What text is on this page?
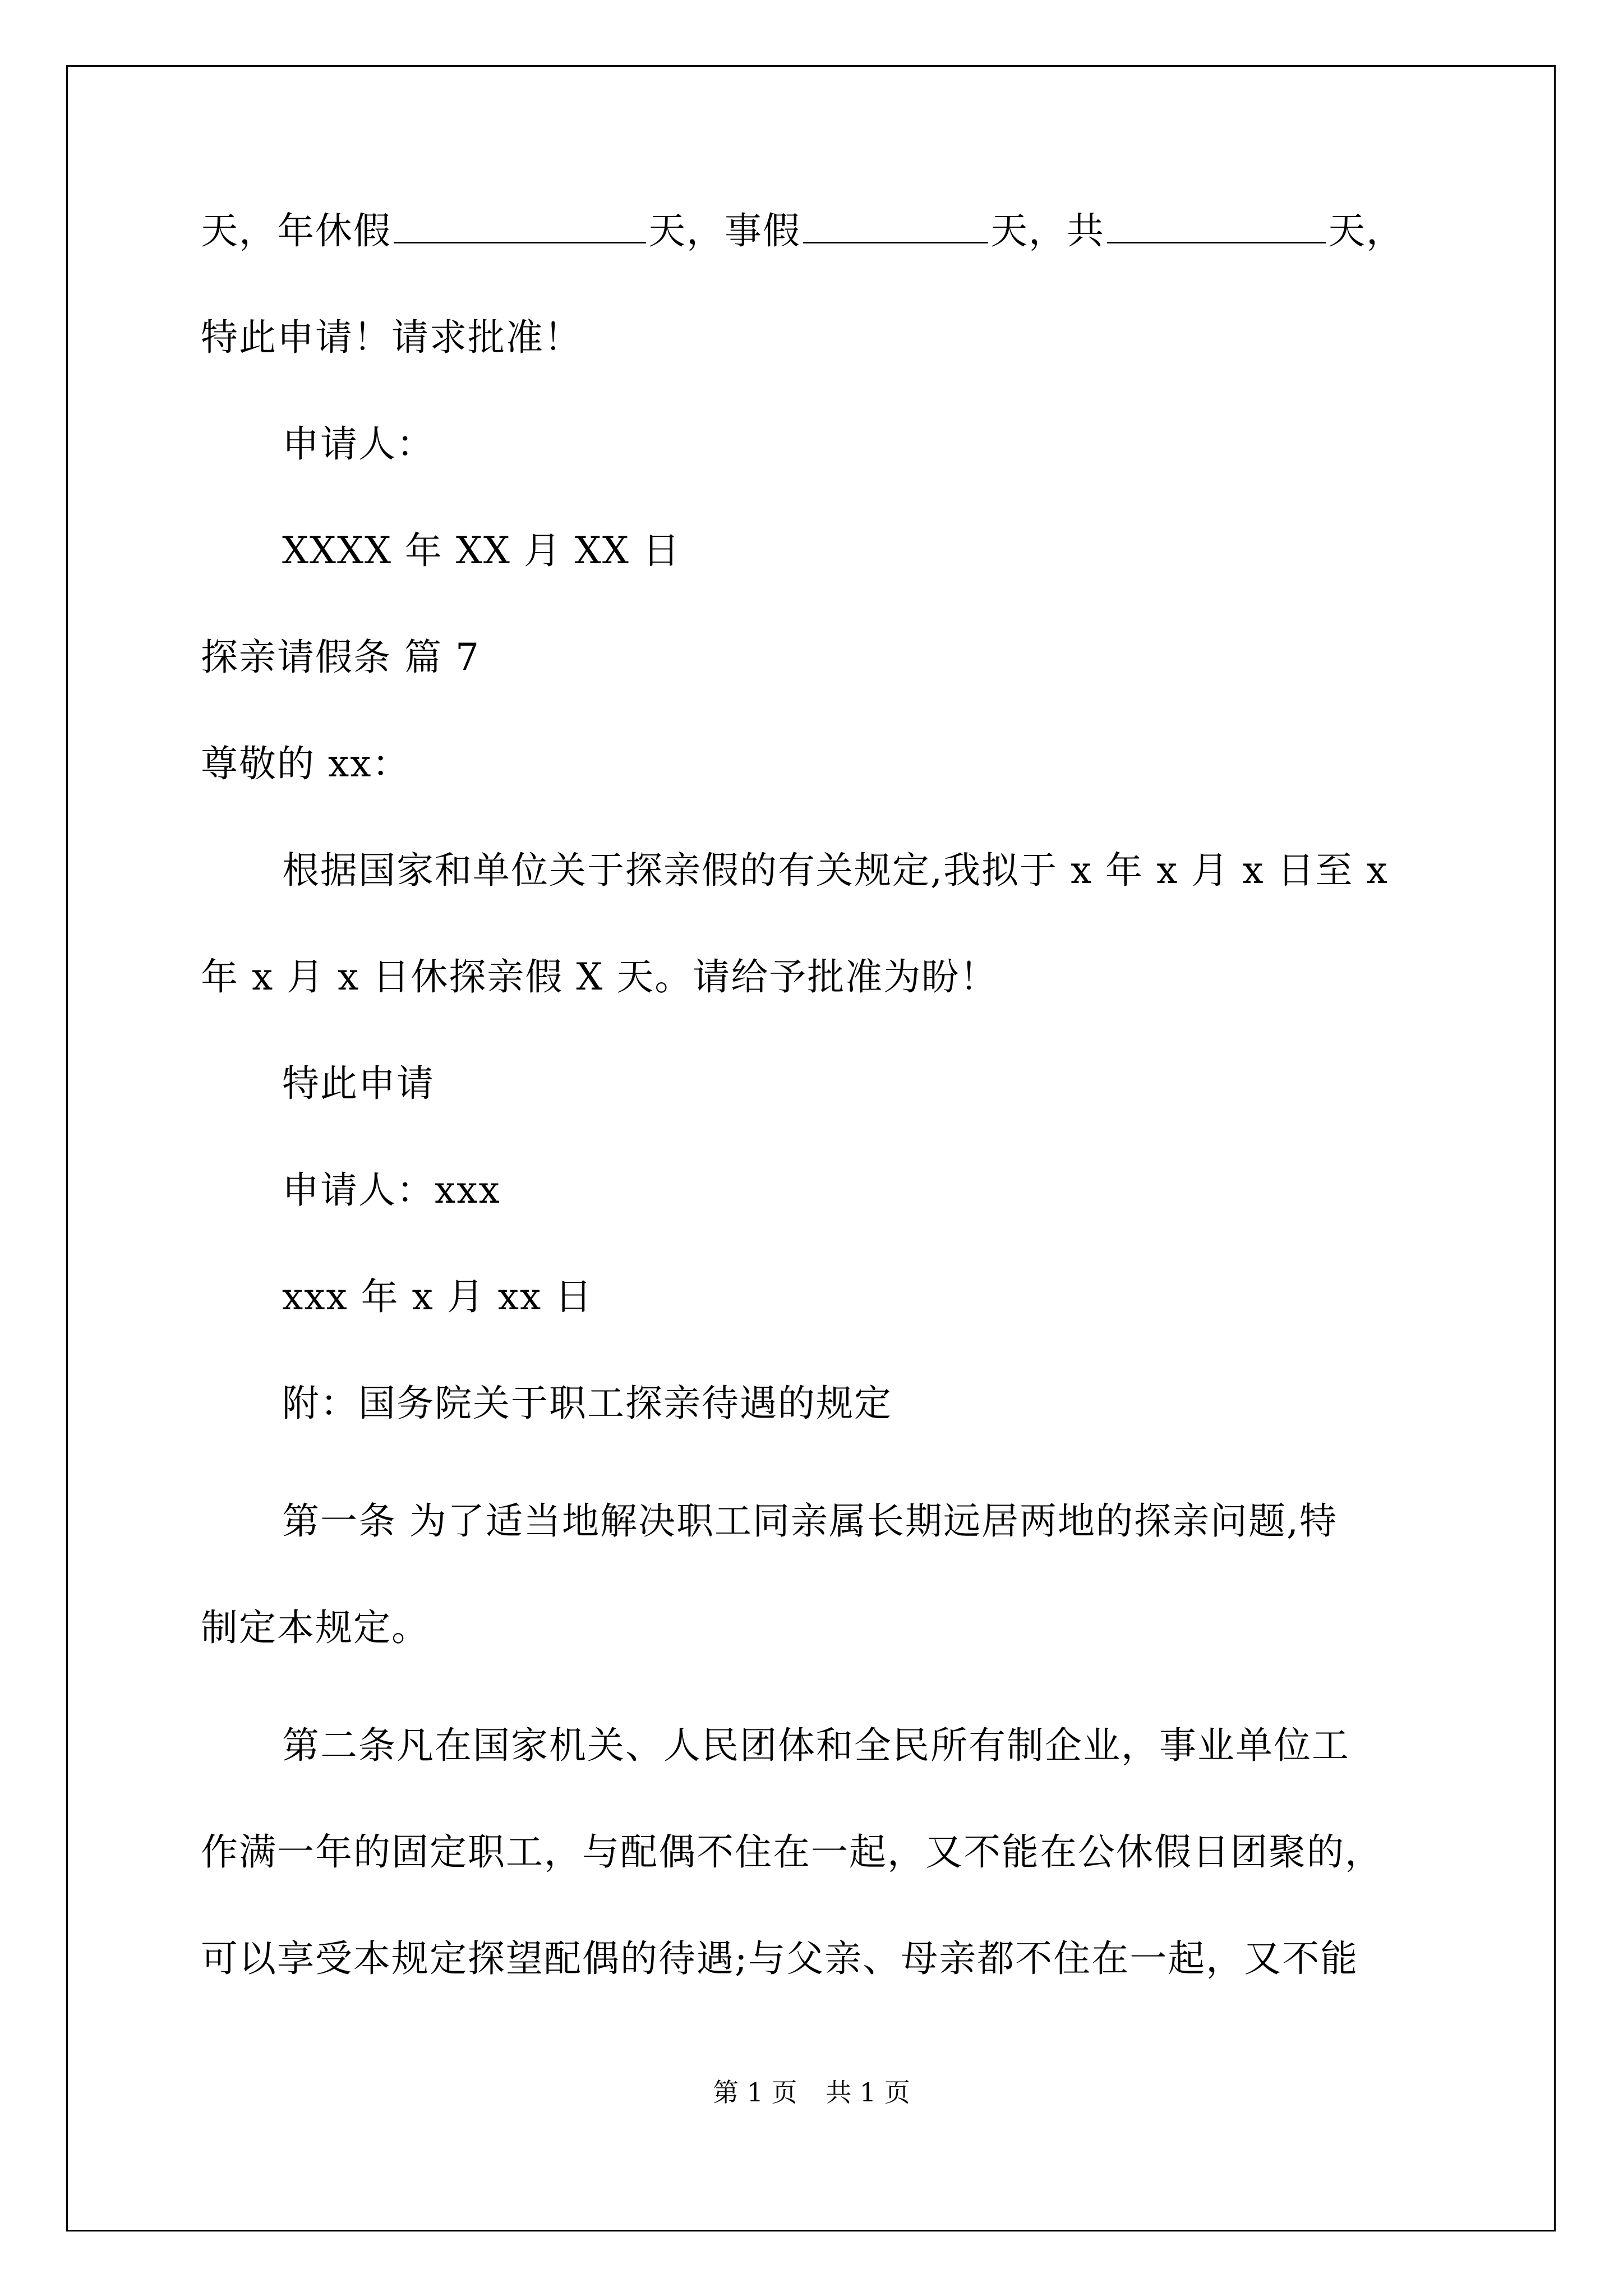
天，年休假	天，事假	天，共	天，
特此申请！请求批准！
申请人：
XXXX 年 XX 月 XX 日
探亲请假条 篇 7
尊敬的 xx：
根据国家和单位关于探亲假的有关规定,我拟于 x 年 x 月 x 日至 x
年 x 月 x 日休探亲假 X 天。请给予批准为盼！
特此申请
申请人：xxx
xxx 年 x 月 xx 日
附：国务院关于职工探亲待遇的规定
第一条 为了适当地解决职工同亲属长期远居两地的探亲问题,特
制定本规定。
第二条凡在国家机关、人民团体和全民所有制企业，事业单位工
作满一年的固定职工，与配偶不住在一起，又不能在公休假日团聚的，
可以享受本规定探望配偶的待遇;与父亲、母亲都不住在一起，又不能
第 1 页 共 1 页
